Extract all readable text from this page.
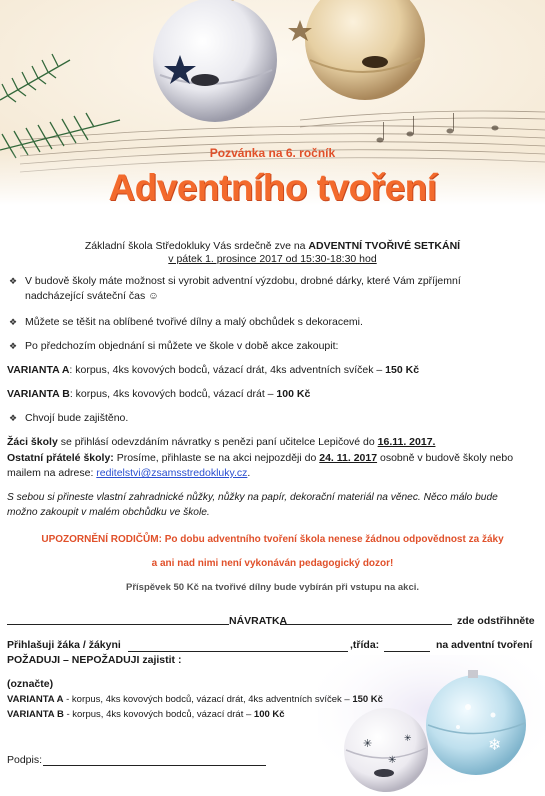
Pozvánka na 6. ročník
Adventního tvoření
Základní škola Středokluky Vás srdečně zve na ADVENTNÍ TVOŘIVÉ SETKÁNÍ
v pátek 1. prosince 2017 od 15:30-18:30 hod
❖ V budově školy máte možnost si vyrobit adventní výzdobu, drobné dárky, které Vám zpříjemní
nadcházející sváteční čas ☺
❖ Můžete se těšit na oblíbené tvořivé dílny a malý obchůdek s dekoracemi.
❖ Po předchozím objednání si můžete ve škole v době akce zakoupit:
VARIANTA A: korpus, 4ks kovových bodců, vázací drát, 4ks adventních svíček – 150 Kč
VARIANTA B: korpus, 4ks kovových bodců, vázací drát – 100 Kč
❖ Chvojí bude zajištěno.
Žáci školy se přihlásí odevzdáním návratky s penězi paní učitelce Lepičové do 16.11. 2017.
Ostatní přátelé školy: Prosíme, přihlaste se na akci nejpozději do 24. 11. 2017 osobně v budově školy nebo
mailem na adrese: reditelstvi@zsamsstredokluky.cz.
S sebou si přineste vlastní zahradnické nůžky, nůžky na papír, dekorační materiál na věnec. Něco málo bude
možno zakoupit v malém obchůdku ve škole.
UPOZORNĚNÍ RODIČŮM: Po dobu adventního tvoření škola nenese žádnou odpovědnost za žáky
a ani nad nimi není vykonáván pedagogický dozor!
Příspěvek 50 Kč na tvořivé dílny bude vybírán při vstupu na akci.
NÁVRATKA	zde odstřihněte
Přihlašuji žáka / žákyni	,třída:	na adventní tvoření
POŽADUJI – NEPOŽADUJI zajistit :
❄
✳
✳
✳
(označte)
VARIANTA A - korpus, 4ks kovových bodců, vázací drát, 4ks adventních svíček – 150 Kč
VARIANTA B - korpus, 4ks kovových bodců, vázací drát – 100 Kč
Podpis:
